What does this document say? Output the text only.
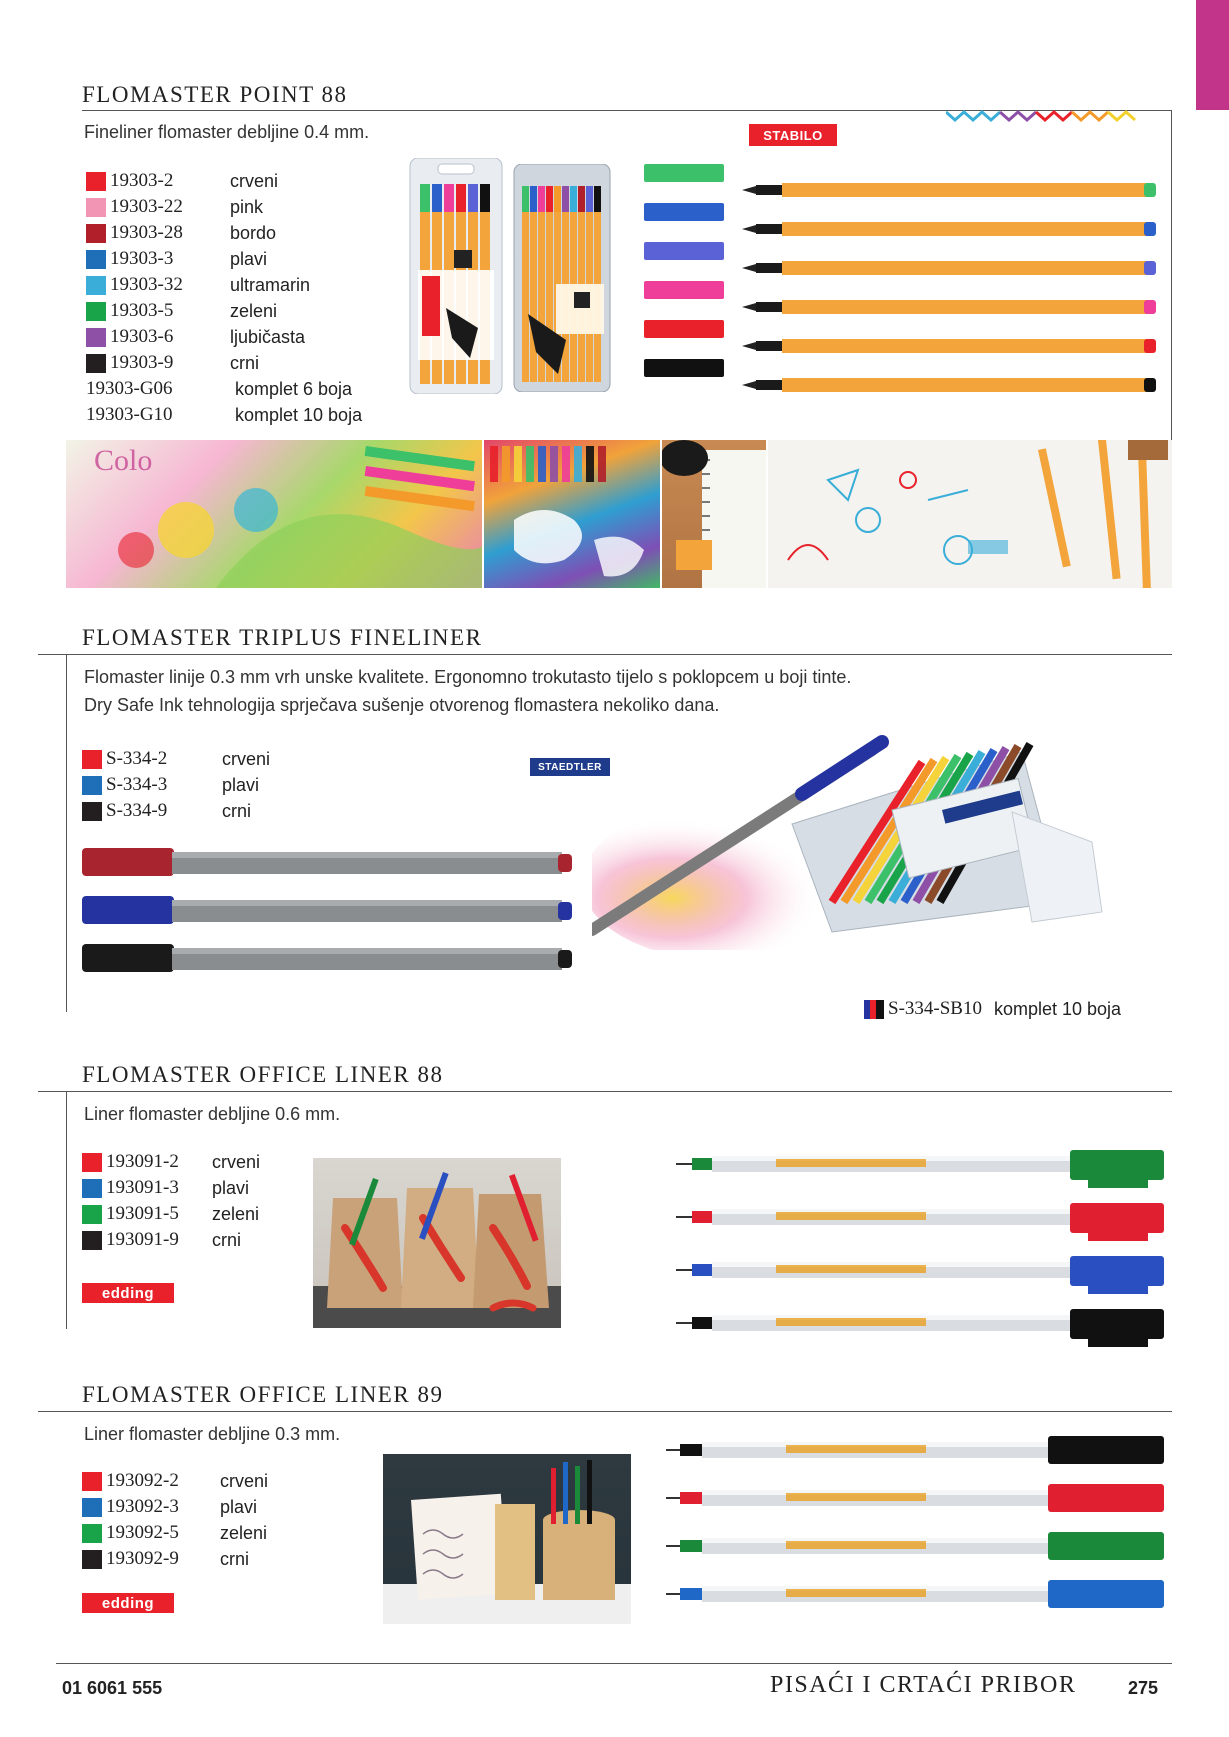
FLOMASTER POINT 88
Fineliner flomaster debljine 0.4 mm.	STABILO
19303-2	crveni
19303-22	pink
19303-28	bordo
19303-3	plavi
19303-32	ultramarin
19303-5	zeleni
19303-6	ljubičasta
19303-9	crni
19303-G06	komplet 6 boja
19303-G10	komplet 10 boja
Colo
FLOMASTER TRIPLUS FINELINER
Flomaster linije 0.3 mm vrh unske kvalitete. Ergonomno trokutasto tijelo s poklopcem u boji tinte.
Dry Safe Ink tehnologija sprječava sušenje otvorenog flomastera nekoliko dana.
S-334-2	crveni
S-334-3	plavi
S-334-9	crni
STAEDTLER
S-334-SB10 komplet 10 boja
FLOMASTER OFFICE LINER 88
Liner flomaster debljine 0.6 mm.
193091-2 crveni
193091-3 plavi
193091-5 zeleni
193091-9 crni
edding
FLOMASTER OFFICE LINER 89
Liner flomaster debljine 0.3 mm.
193092-2 crveni
193092-3 plavi
193092-5 zeleni
193092-9 crni
edding
01 6061 555	PISAĆI I CRTAĆI PRIBOR	275
